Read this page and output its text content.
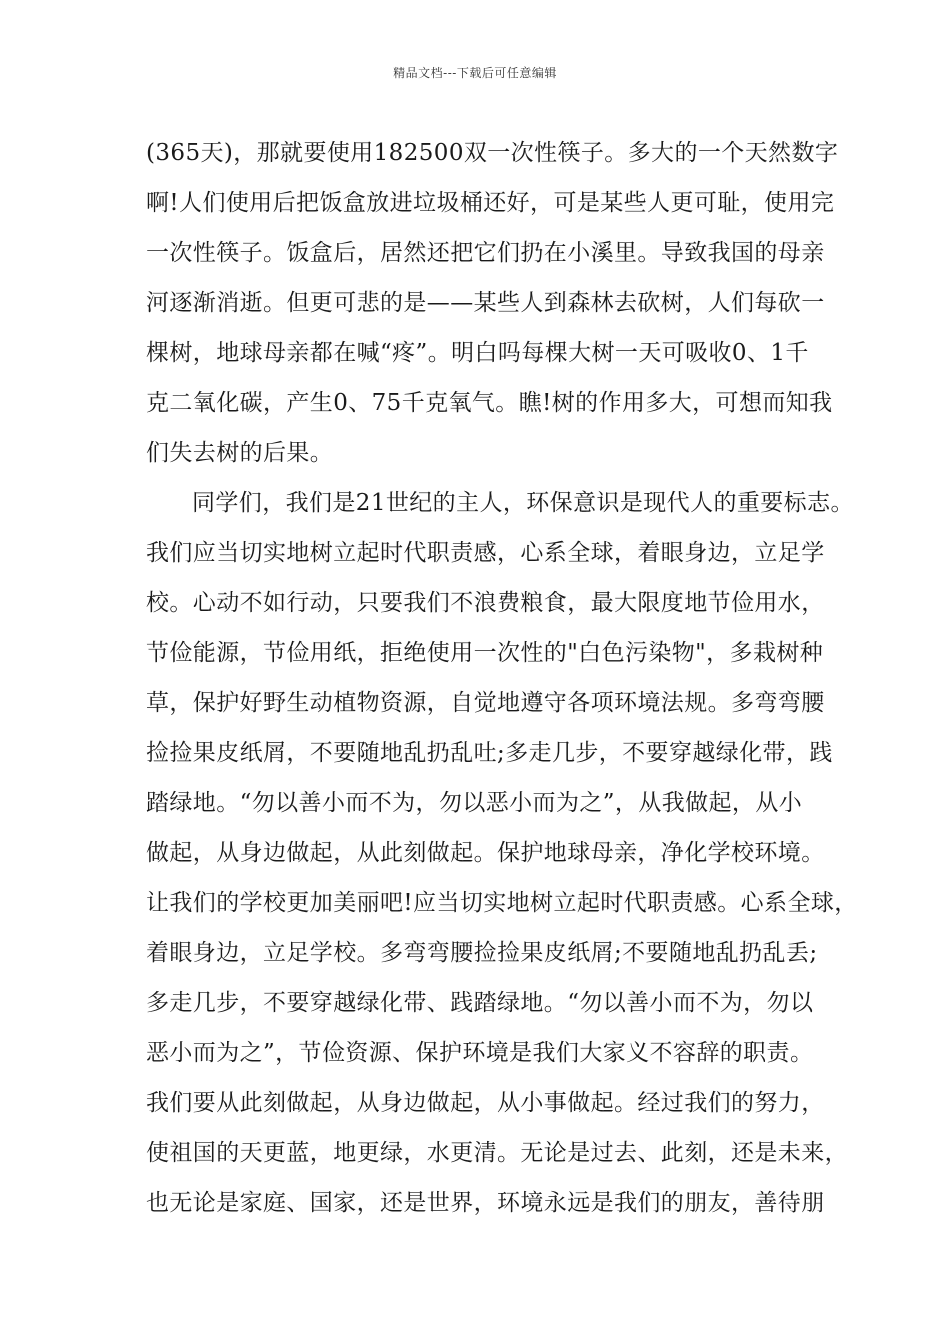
精品文档---下载后可任意编辑
(365天)，那就要使用182500双一次性筷子。多大的一个天然数字
啊!人们使用后把饭盒放进垃圾桶还好，可是某些人更可耻，使用完
一次性筷子。饭盒后，居然还把它们扔在小溪里。导致我国的母亲
河逐渐消逝。但更可悲的是——某些人到森林去砍树，人们每砍一
棵树，地球母亲都在喊“疼”。明白吗每棵大树一天可吸收0、1千
克二氧化碳，产生0、75千克氧气。瞧!树的作用多大，可想而知我
们失去树的后果。
同学们，我们是21世纪的主人，环保意识是现代人的重要标志。
我们应当切实地树立起时代职责感，心系全球，着眼身边，立足学
校。心动不如行动，只要我们不浪费粮食，最大限度地节俭用水，
节俭能源，节俭用纸，拒绝使用一次性的"白色污染物"，多栽树种
草，保护好野生动植物资源，自觉地遵守各项环境法规。多弯弯腰
捡捡果皮纸屑，不要随地乱扔乱吐;多走几步，不要穿越绿化带，践
踏绿地。“勿以善小而不为，勿以恶小而为之”，从我做起，从小
做起，从身边做起，从此刻做起。保护地球母亲，净化学校环境。
让我们的学校更加美丽吧!应当切实地树立起时代职责感。心系全球，
着眼身边，立足学校。多弯弯腰捡捡果皮纸屑;不要随地乱扔乱丢;
多走几步，不要穿越绿化带、践踏绿地。“勿以善小而不为，勿以
恶小而为之”，节俭资源、保护环境是我们大家义不容辞的职责。
我们要从此刻做起，从身边做起，从小事做起。经过我们的努力，
使祖国的天更蓝，地更绿，水更清。无论是过去、此刻，还是未来，
也无论是家庭、国家，还是世界，环境永远是我们的朋友，善待朋
